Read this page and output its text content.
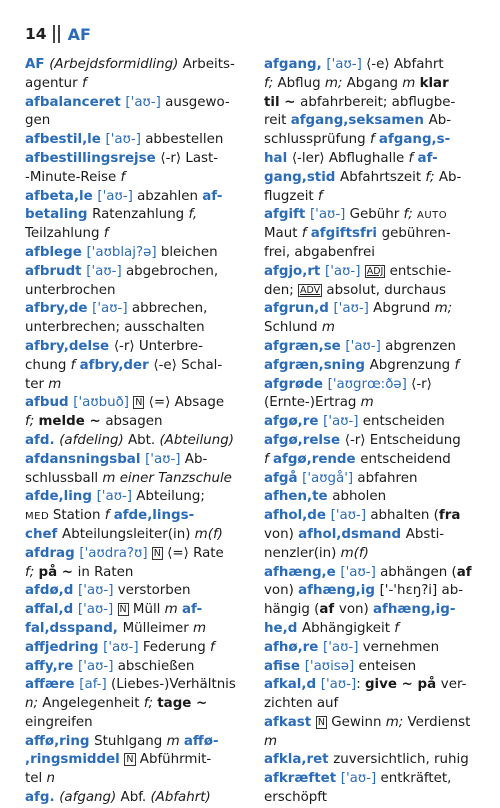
14 AF
AF (Arbejdsformidling) Arbeits-
agentur f
afbalanceret ['aʊ-] ausgewo-
gen
afbestil,le ['aʊ-] abbestellen
afbestillingsrejse ⟨-r⟩ Last-
-Minute-Reise f
afbeta,le ['aʊ-] abzahlen af-
betaling Ratenzahlung f,
Teilzahlung f
afblege ['aʊblaj?ə] bleichen
afbrudt ['aʊ-] abgebrochen,
unterbrochen
afbry,de ['aʊ-] abbrechen,
unterbrechen; ausschalten
afbry,delse ⟨-r⟩ Unterbre-
chung f afbry,der ⟨-e⟩ Schal-
ter m
afbud ['aʊbuð] N ⟨=⟩ Absage
f; melde ~ absagen
afd. (afdeling) Abt. (Abteilung)
afdansningsbal ['aʊ-] Ab-
schlussball m einer Tanzschule
afde,ling ['aʊ-] Abteilung;
MED Station f afde,lings-
chef Abteilungsleiter(in) m(f)
afdrag ['aʊdra?ʊ] N ⟨=⟩ Rate
f; på ~ in Raten
afdø,d ['aʊ-] verstorben
affal,d ['aʊ-] N Müll m af-
fal,dsspand, Mülleimer m
affjedring ['aʊ-] Federung f
affy,re ['aʊ-] abschießen
affære [af-] (Liebes-)Verhältnis
n; Angelegenheit f; tage ~
eingreifen
affø,ring Stuhlgang m affø-
,ringsmiddel N Abführmit-
tel n
afg. (afgang) Abf. (Abfahrt)
afgang, ['aʊ-] ⟨-e⟩ Abfahrt
f; Abflug m; Abgang m klar
til ~ abfahrbereit; abflugbe-
reit afgang,seksamen Ab-
schlussprüfung f afgang,s-
hal ⟨-ler⟩ Abflughalle f af-
gang,stid Abfahrtszeit f; Ab-
flugzeit f
afgift ['aʊ-] Gebühr f; AUTO
Maut f afgiftsfri gebühren-
frei, abgabenfrei
afgjo,rt ['aʊ-] ADJ entschie-
den; ADV absolut, durchaus
afgrun,d ['aʊ-] Abgrund m;
Schlund m
afgræn,se ['aʊ-] abgrenzen
afgræn,sning Abgrenzung f
afgrøde ['aʊgrœ:ðə] ⟨-r⟩
(Ernte-)Ertrag m
afgø,re ['aʊ-] entscheiden
afgø,relse ⟨-r⟩ Entscheidung
f afgø,rende entscheidend
afgå ['aʊgå'] abfahren
afhen,te abholen
afhol,de ['aʊ-] abhalten (fra
von) afhol,dsmand Absti-
nenzler(in) m(f)
afhæng,e ['aʊ-] abhängen (af
von) afhæng,ig ['-'hɛŋ?i] ab-
hängig (af von) afhæng,ig-
he,d Abhängigkeit f
afhø,re ['aʊ-] vernehmen
afise ['aʊisə] enteisen
afkal,d ['aʊ-]: give ~ på ver-
zichten auf
afkast N Gewinn m; Verdienst
m
afkla,ret zuversichtlich, ruhig
afkræftet ['aʊ-] entkräftet,
erschöpft
